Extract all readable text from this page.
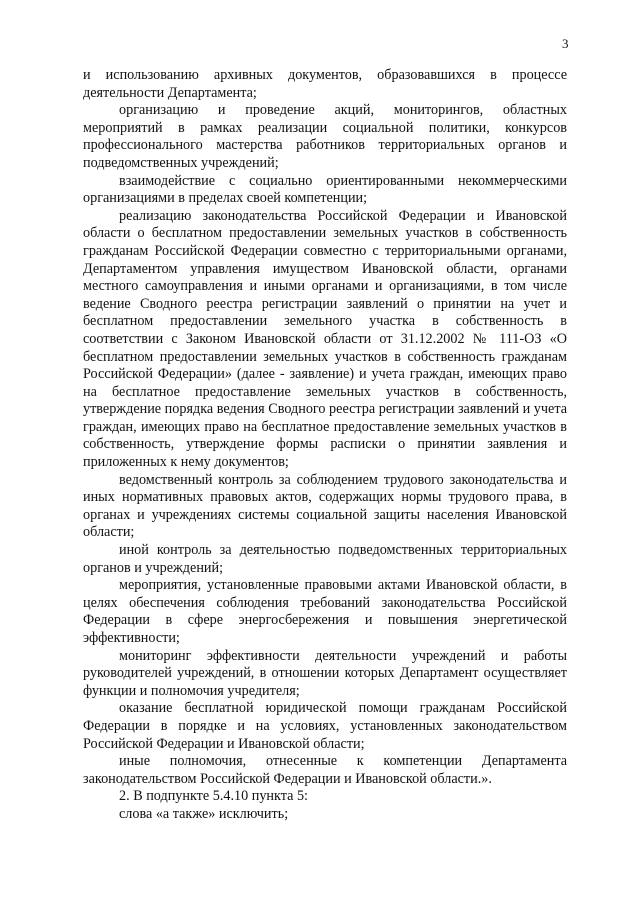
3

и использованию архивных документов, образовавшихся в процессе деятельности Департамента;

организацию и проведение акций, мониторингов, областных мероприятий в рамках реализации социальной политики, конкурсов профессионального мастерства работников территориальных органов и подведомственных учреждений;

взаимодействие с социально ориентированными некоммерческими организациями в пределах своей компетенции;

реализацию законодательства Российской Федерации и Ивановской области о бесплатном предоставлении земельных участков в собственность гражданам Российской Федерации совместно с территориальными органами, Департаментом управления имуществом Ивановской области, органами местного самоуправления и иными органами и организациями, в том числе ведение Сводного реестра регистрации заявлений о принятии на учет и бесплатном предоставлении земельного участка в собственность в соответствии с Законом Ивановской области от 31.12.2002 № 111-ОЗ «О бесплатном предоставлении земельных участков в собственность гражданам Российской Федерации» (далее - заявление) и учета граждан, имеющих право на бесплатное предоставление земельных участков в собственность, утверждение порядка ведения Сводного реестра регистрации заявлений и учета граждан, имеющих право на бесплатное предоставление земельных участков в собственность, утверждение формы расписки о принятии заявления и приложенных к нему документов;

ведомственный контроль за соблюдением трудового законодательства и иных нормативных правовых актов, содержащих нормы трудового права, в органах и учреждениях системы социальной защиты населения Ивановской области;

иной контроль за деятельностью подведомственных территориальных органов и учреждений;

мероприятия, установленные правовыми актами Ивановской области, в целях обеспечения соблюдения требований законодательства Российской Федерации в сфере энергосбережения и повышения энергетической эффективности;

мониторинг эффективности деятельности учреждений и работы руководителей учреждений, в отношении которых Департамент осуществляет функции и полномочия учредителя;

оказание бесплатной юридической помощи гражданам Российской Федерации в порядке и на условиях, установленных законодательством Российской Федерации и Ивановской области;

иные полномочия, отнесенные к компетенции Департамента законодательством Российской Федерации и Ивановской области.».

2. В подпункте 5.4.10 пункта 5:

слова «а также» исключить;
